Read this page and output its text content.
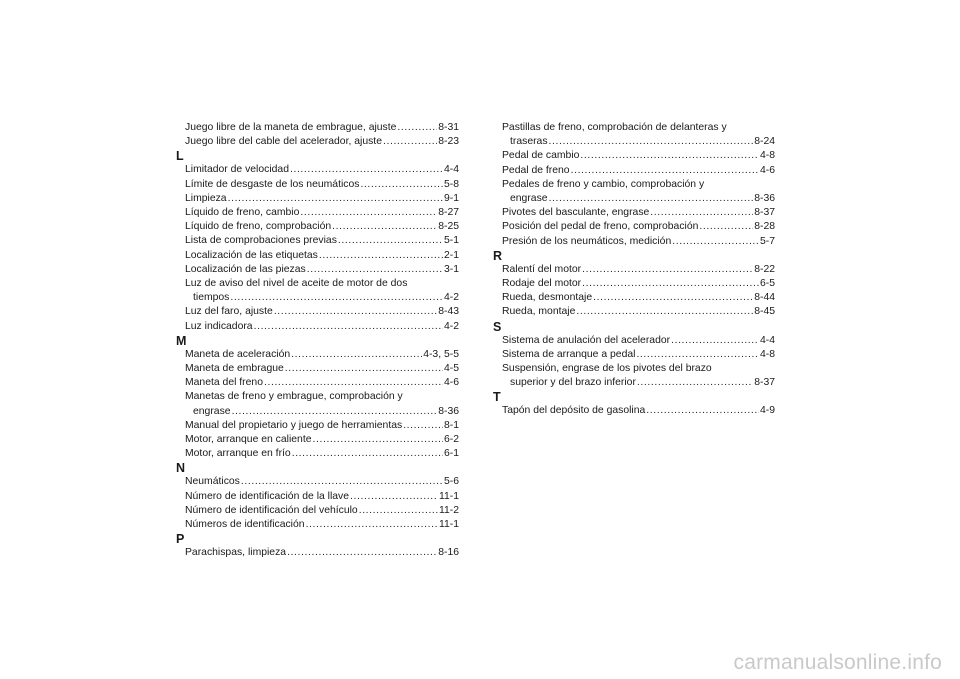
Juego libre de la maneta de embrague, ajuste .....	8-31
Juego libre del cable del acelerador, ajuste .....	8-23
L
Limitador de velocidad .....	4-4
Límite de desgaste de los neumáticos .....	5-8
Limpieza .....	9-1
Líquido de freno, cambio .....	8-27
Líquido de freno, comprobación .....	8-25
Lista de comprobaciones previas .....	5-1
Localización de las etiquetas .....	2-1
Localización de las piezas .....	3-1
Luz de aviso del nivel de aceite de motor de dos
tiempos .....	4-2
Luz del faro, ajuste .....	8-43
Luz indicadora .....	4-2
M
Maneta de aceleración .....	4-3, 5-5
Maneta de embrague .....	4-5
Maneta del freno .....	4-6
Manetas de freno y embrague, comprobación y
engrase .....	8-36
Manual del propietario y juego de herramientas .....	8-1
Motor, arranque en caliente .....	6-2
Motor, arranque en frío .....	6-1
N
Neumáticos .....	5-6
Número de identificación de la llave .....	11-1
Número de identificación del vehículo .....	11-2
Números de identificación .....	11-1
P
Parachispas, limpieza .....	8-16
Pastillas de freno, comprobación de delanteras y
traseras .....	8-24
Pedal de cambio .....	4-8
Pedal de freno .....	4-6
Pedales de freno y cambio, comprobación y
engrase .....	8-36
Pivotes del basculante, engrase .....	8-37
Posición del pedal de freno, comprobación .....	8-28
Presión de los neumáticos, medición .....	5-7
R
Ralentí del motor .....	8-22
Rodaje del motor .....	6-5
Rueda, desmontaje .....	8-44
Rueda, montaje .....	8-45
S
Sistema de anulación del acelerador .....	4-4
Sistema de arranque a pedal .....	4-8
Suspensión, engrase de los pivotes del brazo
superior y del brazo inferior .....	8-37
T
Tapón del depósito de gasolina .....	4-9
carmanualsonline.info
